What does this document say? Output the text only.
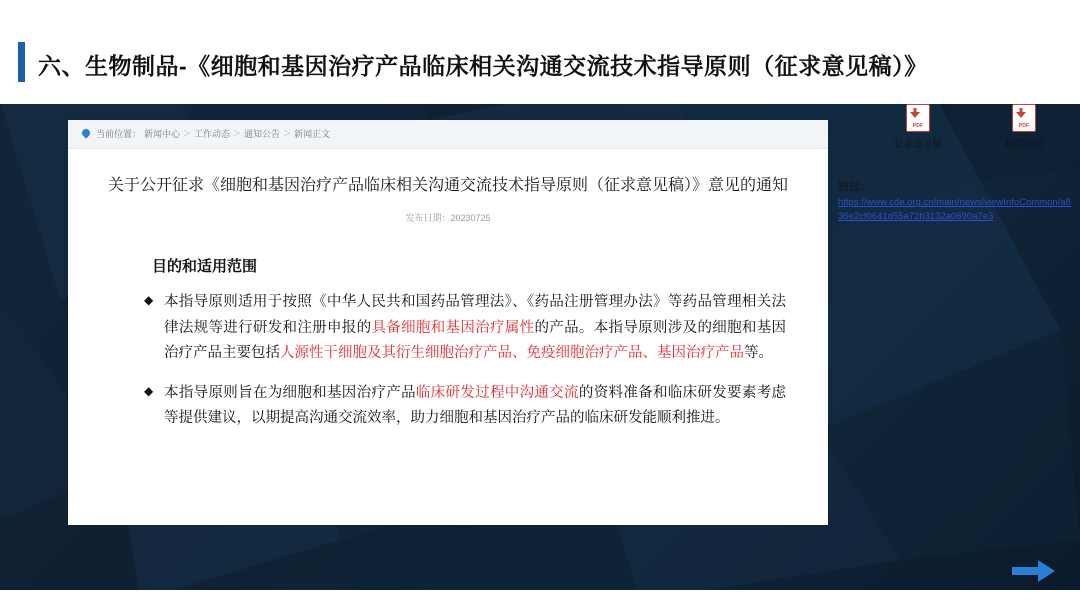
六、生物制品-《细胞和基因治疗产品临床相关沟通交流技术指导原则（征求意见稿）》
当前位置： 新闻中心 ＞ 工作动态 ＞ 通知公告 ＞ 新闻正文
关于公开征求《细胞和基因治疗产品临床相关沟通交流技术指导原则（征求意见稿）》意见的通知
发布日期：20230725
目的和适用范围
◆ 本指导原则适用于按照《中华人民共和国药品管理法》、《药品注册管理办法》等药品管理相关法律法规等进行研发和注册申报的具备细胞和基因治疗属性的产品。本指导原则涉及的细胞和基因治疗产品主要包括人源性干细胞及其衍生细胞治疗产品、免疫细胞治疗产品、基因治疗产品等。
◆ 本指导原则旨在为细胞和基因治疗产品临床研发过程中沟通交流的资料准备和临床研发要素考虑等提供建议，以期提高沟通交流效率，助力细胞和基因治疗产品的临床研发能顺利推进。
PDF
征求意见稿
PDF
起草说明
链接：
https://www.cde.org.cn/main/news/viewInfoCommon/a836e2cf0641d55a72b3132a0690a7e3
